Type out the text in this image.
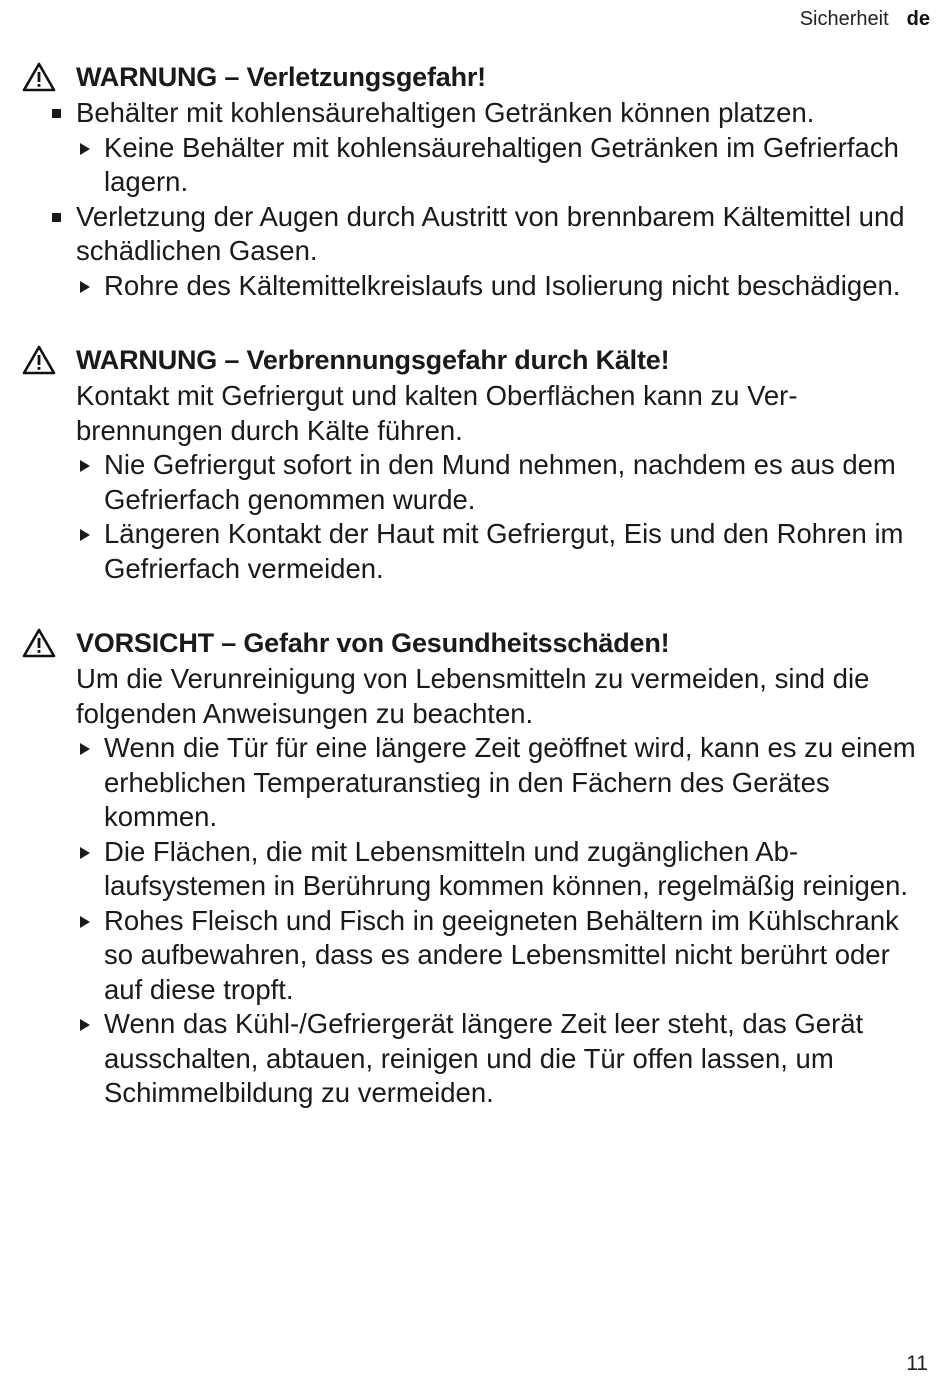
Sicherheit de
WARNUNG – Verletzungsgefahr!
Behälter mit kohlensäurehaltigen Getränken können platzen.
Keine Behälter mit kohlensäurehaltigen Getränken im Gefrierfach lagern.
Verletzung der Augen durch Austritt von brennbarem Kältemittel und schädlichen Gasen.
Rohre des Kältemittelkreislaufs und Isolierung nicht beschädigen.
WARNUNG – Verbrennungsgefahr durch Kälte!
Kontakt mit Gefriergut und kalten Oberflächen kann zu Verbrennungen durch Kälte führen.
Nie Gefriergut sofort in den Mund nehmen, nachdem es aus dem Gefrierfach genommen wurde.
Längeren Kontakt der Haut mit Gefriergut, Eis und den Rohren im Gefrierfach vermeiden.
VORSICHT – Gefahr von Gesundheitsschäden!
Um die Verunreinigung von Lebensmitteln zu vermeiden, sind die folgenden Anweisungen zu beachten.
Wenn die Tür für eine längere Zeit geöffnet wird, kann es zu einem erheblichen Temperaturanstieg in den Fächern des Gerätes kommen.
Die Flächen, die mit Lebensmitteln und zugänglichen Ablaufsystemen in Berührung kommen können, regelmäßig reinigen.
Rohes Fleisch und Fisch in geeigneten Behältern im Kühlschrank so aufbewahren, dass es andere Lebensmittel nicht berührt oder auf diese tropft.
Wenn das Kühl-/Gefriergerät längere Zeit leer steht, das Gerät ausschalten, abtauen, reinigen und die Tür offen lassen, um Schimmelbildung zu vermeiden.
11
